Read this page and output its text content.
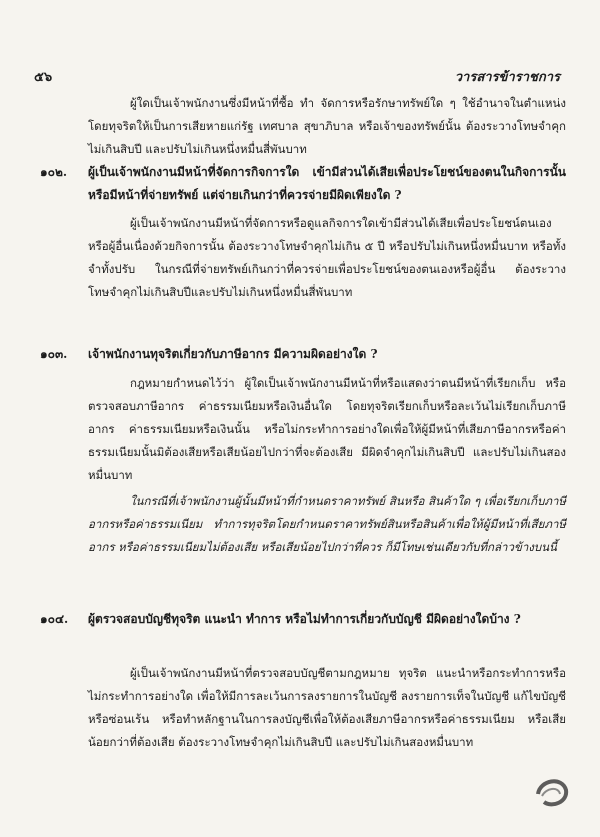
๕๖	วารสารข้าราชการ

ผู้ใดเป็นเจ้าพนักงานซึ่งมีหน้าที่ซื้อ ทำ จัดการหรือรักษาทรัพย์ใด ๆ ใช้อำนาจในตำแหน่งโดยทุจริตให้เป็นการเสียหายแก่รัฐ เทศบาล สุขาภิบาล หรือเจ้าของทรัพย์นั้น ต้องระวางโทษจำคุกไม่เกินสิบปี และปรับไม่เกินหนึ่งหมื่นสี่พันบาท

๑๐๒. ผู้เป็นเจ้าพนักงานมีหน้าที่จัดการกิจการใด เข้ามีส่วนได้เสียเพื่อประโยชน์ของตนในกิจการนั้นหรือมีหน้าที่จ่ายทรัพย์ แต่จ่ายเกินกว่าที่ควรจ่ายมีผิดเพียงใด ?

ผู้เป็นเจ้าพนักงานมีหน้าที่จัดการหรือดูแลกิจการใดเข้ามีส่วนได้เสียเพื่อประโยชน์ตนเองหรือผู้อื่นเนื่องด้วยกิจการนั้น ต้องระวางโทษจำคุกไม่เกิน ๕ ปี หรือปรับไม่เกินหนึ่งหมื่นบาท หรือทั้งจำทั้งปรับ ในกรณีที่จ่ายทรัพย์เกินกว่าที่ควรจ่ายเพื่อประโยชน์ของตนเองหรือผู้อื่น ต้องระวางโทษจำคุกไม่เกินสิบปีและปรับไม่เกินหนึ่งหมื่นสี่พันบาท

๑๐๓. เจ้าพนักงานทุจริตเกี่ยวกับภาษีอากร มีความผิดอย่างใด ?

กฎหมายกำหนดไว้ว่า ผู้ใดเป็นเจ้าพนักงานมีหน้าที่หรือแสดงว่าตนมีหน้าที่เรียกเก็บ หรือตรวจสอบภาษีอากร ค่าธรรมเนียมหรือเงินอื่นใด โดยทุจริตเรียกเก็บหรือละเว้นไม่เรียกเก็บภาษีอากร ค่าธรรมเนียมหรือเงินนั้น หรือไม่กระทำการอย่างใดเพื่อให้ผู้มีหน้าที่เสียภาษีอากรหรือค่าธรรมเนียมนั้นมิต้องเสียหรือเสียน้อยไปกว่าที่จะต้องเสีย มีผิดจำคุกไม่เกินสิบปี และปรับไม่เกินสองหมื่นบาท

ในกรณีที่เจ้าพนักงานผู้นั้นมีหน้าที่กำหนดราคาทรัพย์ สินหรือ สินค้าใด ๆ เพื่อเรียกเก็บภาษีอากรหรือค่าธรรมเนียม ทำการทุจริตโดยกำหนดราคาทรัพย์สินหรือสินค้าเพื่อให้ผู้มีหน้าที่เสียภาษีอากร หรือค่าธรรมเนียมไม่ต้องเสีย หรือเสียน้อยไปกว่าที่ควร ก็มีโทษเช่นเดียวกับที่กล่าวข้างบนนี้

๑๐๔. ผู้ตรวจสอบบัญชีทุจริต แนะนำ ทำการ หรือไม่ทำการเกี่ยวกับบัญชี มีผิดอย่างใดบ้าง ?

ผู้เป็นเจ้าพนักงานมีหน้าที่ตรวจสอบบัญชีตามกฎหมาย ทุจริต แนะนำหรือกระทำการหรือไม่กระทำการอย่างใด เพื่อให้มีการละเว้นการลงรายการในบัญชี ลงรายการเท็จในบัญชี แก้ไขบัญชี หรือซ่อนเร้น หรือทำหลักฐานในการลงบัญชีเพื่อให้ต้องเสียภาษีอากรหรือค่าธรรมเนียม หรือเสียน้อยกว่าที่ต้องเสีย ต้องระวางโทษจำคุกไม่เกินสิบปี และปรับไม่เกินสองหมื่นบาท
